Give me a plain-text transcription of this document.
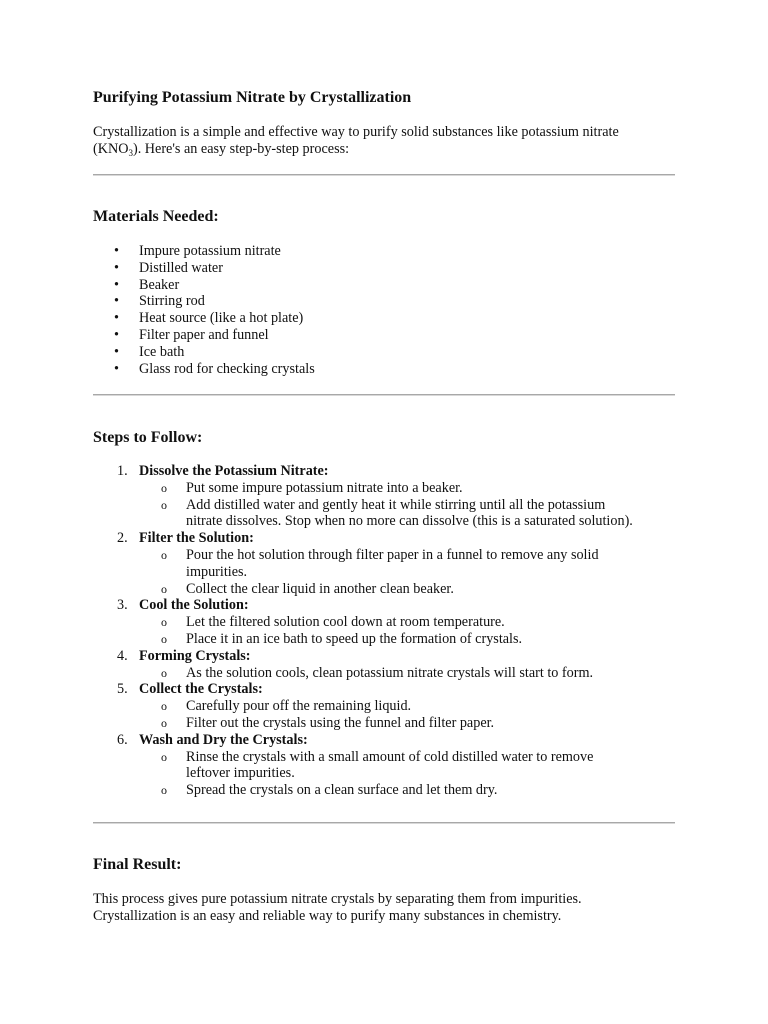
Purifying Potassium Nitrate by Crystallization

Crystallization is a simple and effective way to purify solid substances like potassium nitrate
$(KNO_3)$. Here's an easy step-by-step process:

Materials Needed:
• Impure potassium nitrate
• Distilled water
• Beaker
• Stirring rod
• Heat source (like a hot plate)
• Filter paper and funnel
• Ice bath
• Glass rod for checking crystals
Steps to Follow:
1. Dissolve the Potassium Nitrate:
o Put some impure potassium nitrate into a beaker.
o Add distilled water and gently heat it while stirring until all the potassium
nitrate dissolves. Stop when no more can dissolve (this is a saturated solution).
2. Filter the Solution:
o Pour the hot solution through filter paper in a funnel to remove any solid
impurities.
o Collect the clear liquid in another clean beaker.
3. Cool the Solution:
o Let the filtered solution cool down at room temperature.
o Place it in an ice bath to speed up the formation of crystals.
4. Forming Crystals:
o As the solution cools, clean potassium nitrate crystals will start to form.
5. Collect the Crystals:
o Carefully pour off the remaining liquid.
o Filter out the crystals using the funnel and filter paper.
6. Wash and Dry the Crystals:
o Rinse the crystals with a small amount of cold distilled water to remove
leftover impurities.
o Spread the crystals on a clean surface and let them dry.
Final Result:

This process gives pure potassium nitrate crystals by separating them from impurities.
Crystallization is an easy and reliable way to purify many substances in chemistry.
